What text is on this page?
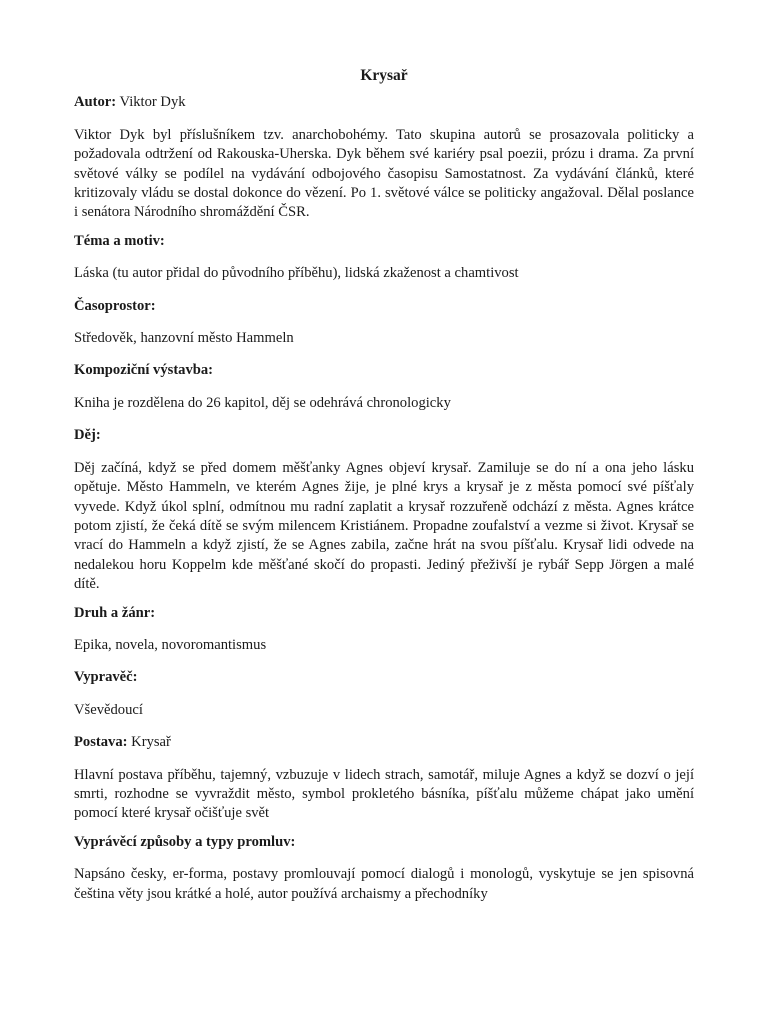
Krysař
Autor: Viktor Dyk
Viktor Dyk byl příslušníkem tzv. anarchobohémy. Tato skupina autorů se prosazovala politicky a požadovala odtržení od Rakouska-Uherska. Dyk během své kariéry psal poezii, prózu i drama. Za první světové války se podílel na vydávání odbojového časopisu Samostatnost. Za vydávání článků, které kritizovaly vládu se dostal dokonce do vězení. Po 1. světové válce se politicky angažoval. Dělal poslance i senátora Národního shromáždění ČSR.
Téma a motiv:
Láska (tu autor přidal do původního příběhu), lidská zkaženost a chamtivost
Časoprostor:
Středověk, hanzovní město Hammeln
Kompoziční výstavba:
Kniha je rozdělena do 26 kapitol, děj se odehrává chronologicky
Děj:
Děj začíná, když se před domem měšťanky Agnes objeví krysař. Zamiluje se do ní a ona jeho lásku opětuje. Město Hammeln, ve kterém Agnes žije, je plné krys a krysař je z města pomocí své píšťaly vyvede. Když úkol splní, odmítnou mu radní zaplatit a krysař rozzuřeně odchází z města. Agnes krátce potom zjistí, že čeká dítě se svým milencem Kristiánem. Propadne zoufalství a vezme si život. Krysař se vrací do Hammeln a když zjistí, že se Agnes zabila, začne hrát na svou píšťalu. Krysař lidi odvede na nedalekou horu Koppelm kde měšťané skočí do propasti. Jediný přeživší je rybář Sepp Jörgen a malé dítě.
Druh a žánr:
Epika, novela, novoromantismus
Vypravěč:
Vševědoucí
Postava: Krysař
Hlavní postava příběhu, tajemný, vzbuzuje v lidech strach, samotář, miluje Agnes a když se dozví o její smrti, rozhodne se vyvraždit město, symbol prokletého básníka, píšťalu můžeme chápat jako umění pomocí které krysař očišťuje svět
Vyprávěcí způsoby a typy promluv:
Napsáno česky, er-forma, postavy promlouvají pomocí dialogů i monologů, vyskytuje se jen spisovná čeština věty jsou krátké a holé, autor používá archaismy a přechodníky
